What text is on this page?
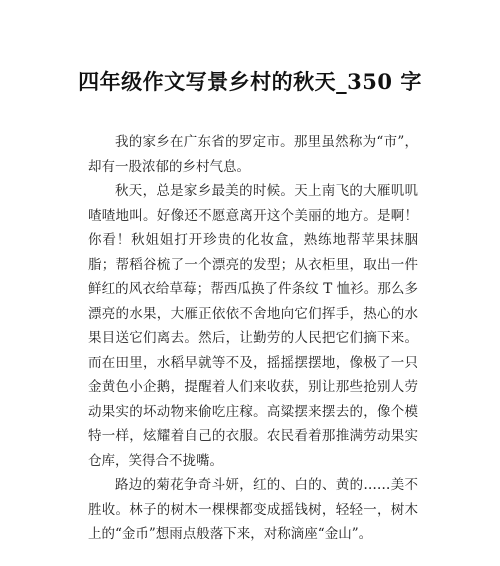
四年级作文写景乡村的秋天_350 字

我的家乡在广东省的罗定市。那里虽然称为“市”，却有一股浓郁的乡村气息。

秋天，总是家乡最美的时候。天上南飞的大雁叽叽喳喳地叫。好像还不愿意离开这个美丽的地方。是啊！你看！秋姐姐打开珍贵的化妆盒，熟练地帮苹果抹胭脂；帮稻谷梳了一个漂亮的发型；从衣柜里，取出一件鲜红的风衣给草莓；帮西瓜换了件条纹 T 恤衫。那么多漂亮的水果，大雁正依依不舍地向它们挥手，热心的水果目送它们离去。然后，让勤劳的人民把它们摘下来。而在田里，水稻早就等不及，摇摇摆摆地，像极了一只金黄色小企鹅，提醒着人们来收获，别让那些抢别人劳动果实的坏动物来偷吃庄稼。高粱摆来摆去的，像个模特一样，炫耀着自己的衣服。农民看着那推满劳动果实　　仓库，笑得合不拢嘴。

路边的菊花争奇斗妍，红的、白的、黄的……美不胜收。林子的树木一棵棵都变成摇钱树，轻轻一，树木上的“金币”想雨点般落下来，对称滴座“金山”。
